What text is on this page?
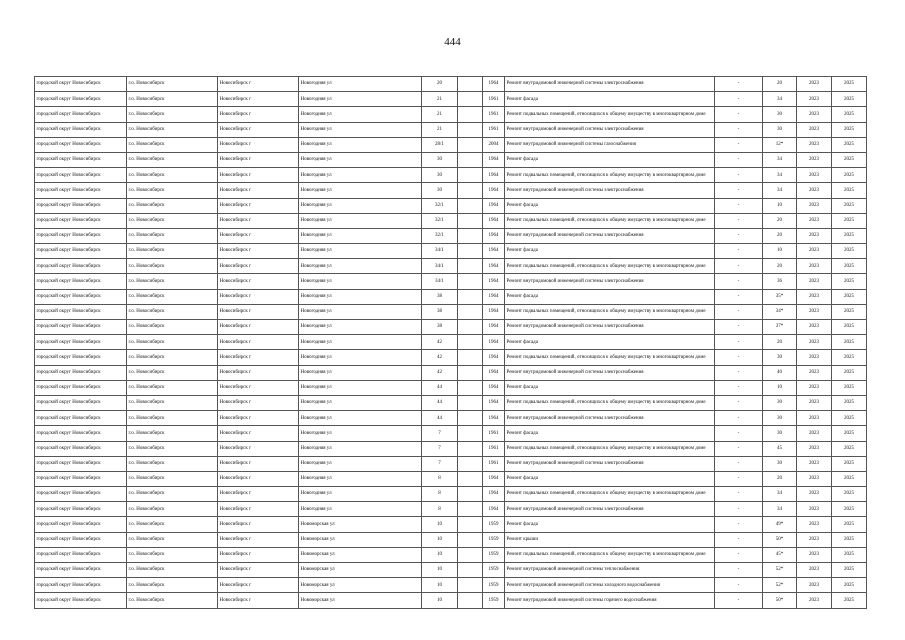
444
городской округ Новосибирск	г.о. Новосибирск	Новосибирск г	Новогодняя ул	20		1964	Ремонт внутридомовой инженерной системы электроснабжения	-	20	2023	2025
городской округ Новосибирск	г.о. Новосибирск	Новосибирск г	Новогодняя ул	21		1961	Ремонт фасада	-	34	2023	2025
городской округ Новосибирск	г.о. Новосибирск	Новосибирск г	Новогодняя ул	21		1961	Ремонт подвальных помещений, относящихся к общему имуществу в многоквартирном доме	-	30	2023	2025
городской округ Новосибирск	г.о. Новосибирск	Новосибирск г	Новогодняя ул	21		1961	Ремонт внутридомовой инженерной системы электроснабжения	-	30	2023	2025
городской округ Новосибирск	г.о. Новосибирск	Новосибирск г	Новогодняя ул	28/1		2004	Ремонт внутридомовой инженерной системы газоснабжения	-	12*	2023	2025
городской округ Новосибирск	г.о. Новосибирск	Новосибирск г	Новогодняя ул	30		1964	Ремонт фасада	-	34	2023	2025
городской округ Новосибирск	г.о. Новосибирск	Новосибирск г	Новогодняя ул	30		1964	Ремонт подвальных помещений, относящихся к общему имуществу в многоквартирном доме	-	34	2023	2025
городской округ Новосибирск	г.о. Новосибирск	Новосибирск г	Новогодняя ул	30		1964	Ремонт внутридомовой инженерной системы электроснабжения	-	34	2023	2025
городской округ Новосибирск	г.о. Новосибирск	Новосибирск г	Новогодняя ул	32/1		1964	Ремонт фасада	-	10	2023	2025
городской округ Новосибирск	г.о. Новосибирск	Новосибирск г	Новогодняя ул	32/1		1964	Ремонт подвальных помещений, относящихся к общему имуществу в многоквартирном доме	-	20	2023	2025
городской округ Новосибирск	г.о. Новосибирск	Новосибирск г	Новогодняя ул	32/1		1964	Ремонт внутридомовой инженерной системы электроснабжения	-	20	2023	2025
городской округ Новосибирск	г.о. Новосибирск	Новосибирск г	Новогодняя ул	34/1		1964	Ремонт фасада	-	10	2023	2025
городской округ Новосибирск	г.о. Новосибирск	Новосибирск г	Новогодняя ул	34/1		1964	Ремонт подвальных помещений, относящихся к общему имуществу в многоквартирном доме	-	20	2023	2025
городской округ Новосибирск	г.о. Новосибирск	Новосибирск г	Новогодняя ул	34/1		1964	Ремонт внутридомовой инженерной системы электроснабжения	-	36	2023	2025
городской округ Новосибирск	г.о. Новосибирск	Новосибирск г	Новогодняя ул	38		1964	Ремонт фасада	-	35*	2023	2025
городской округ Новосибирск	г.о. Новосибирск	Новосибирск г	Новогодняя ул	38		1964	Ремонт подвальных помещений, относящихся к общему имуществу в многоквартирном доме	-	34*	2023	2025
городской округ Новосибирск	г.о. Новосибирск	Новосибирск г	Новогодняя ул	38		1964	Ремонт внутридомовой инженерной системы электроснабжения	-	37*	2023	2025
городской округ Новосибирск	г.о. Новосибирск	Новосибирск г	Новогодняя ул	42		1964	Ремонт фасада	-	20	2023	2025
городской округ Новосибирск	г.о. Новосибирск	Новосибирск г	Новогодняя ул	42		1964	Ремонт подвальных помещений, относящихся к общему имуществу в многоквартирном доме	-	30	2023	2025
городской округ Новосибирск	г.о. Новосибирск	Новосибирск г	Новогодняя ул	42		1964	Ремонт внутридомовой инженерной системы электроснабжения	-	40	2023	2025
городской округ Новосибирск	г.о. Новосибирск	Новосибирск г	Новогодняя ул	44		1964	Ремонт фасада	-	10	2023	2025
городской округ Новосибирск	г.о. Новосибирск	Новосибирск г	Новогодняя ул	44		1964	Ремонт подвальных помещений, относящихся к общему имуществу в многоквартирном доме	-	30	2023	2025
городской округ Новосибирск	г.о. Новосибирск	Новосибирск г	Новогодняя ул	44		1964	Ремонт внутридомовой инженерной системы электроснабжения	-	30	2023	2025
городской округ Новосибирск	г.о. Новосибирск	Новосибирск г	Новогодняя ул	7		1961	Ремонт фасада	-	30	2023	2025
городской округ Новосибирск	г.о. Новосибирск	Новосибирск г	Новогодняя ул	7		1961	Ремонт подвальных помещений, относящихся к общему имуществу в многоквартирном доме	-	45	2023	2025
городской округ Новосибирск	г.о. Новосибирск	Новосибирск г	Новогодняя ул	7		1961	Ремонт внутридомовой инженерной системы электроснабжения	-	30	2023	2025
городской округ Новосибирск	г.о. Новосибирск	Новосибирск г	Новогодняя ул	8		1964	Ремонт фасада	-	20	2023	2025
городской округ Новосибирск	г.о. Новосибирск	Новосибирск г	Новогодняя ул	8		1964	Ремонт подвальных помещений, относящихся к общему имуществу в многоквартирном доме	-	34	2023	2025
городской округ Новосибирск	г.о. Новосибирск	Новосибирск г	Новогодняя ул	8		1964	Ремонт внутридомовой инженерной системы электроснабжения	-	34	2023	2025
городской округ Новосибирск	г.о. Новосибирск	Новосибирск г	Новоморская ул	10		1959	Ремонт фасада	-	49*	2023	2025
городской округ Новосибирск	г.о. Новосибирск	Новосибирск г	Новоморская ул	10		1959	Ремонт крыши	-	50*	2023	2025
городской округ Новосибирск	г.о. Новосибирск	Новосибирск г	Новоморская ул	10		1959	Ремонт подвальных помещений, относящихся к общему имуществу в многоквартирном доме	-	45*	2023	2025
городской округ Новосибирск	г.о. Новосибирск	Новосибирск г	Новоморская ул	10		1959	Ремонт внутридомовой инженерной системы теплоснабжения	-	52*	2023	2025
городской округ Новосибирск	г.о. Новосибирск	Новосибирск г	Новоморская ул	10		1959	Ремонт внутридомовой инженерной системы холодного водоснабжения	-	52*	2023	2025
городской округ Новосибирск	г.о. Новосибирск	Новосибирск г	Новоморская ул	10		1959	Ремонт внутридомовой инженерной системы горячего водоснабжения	-	50*	2023	2025
